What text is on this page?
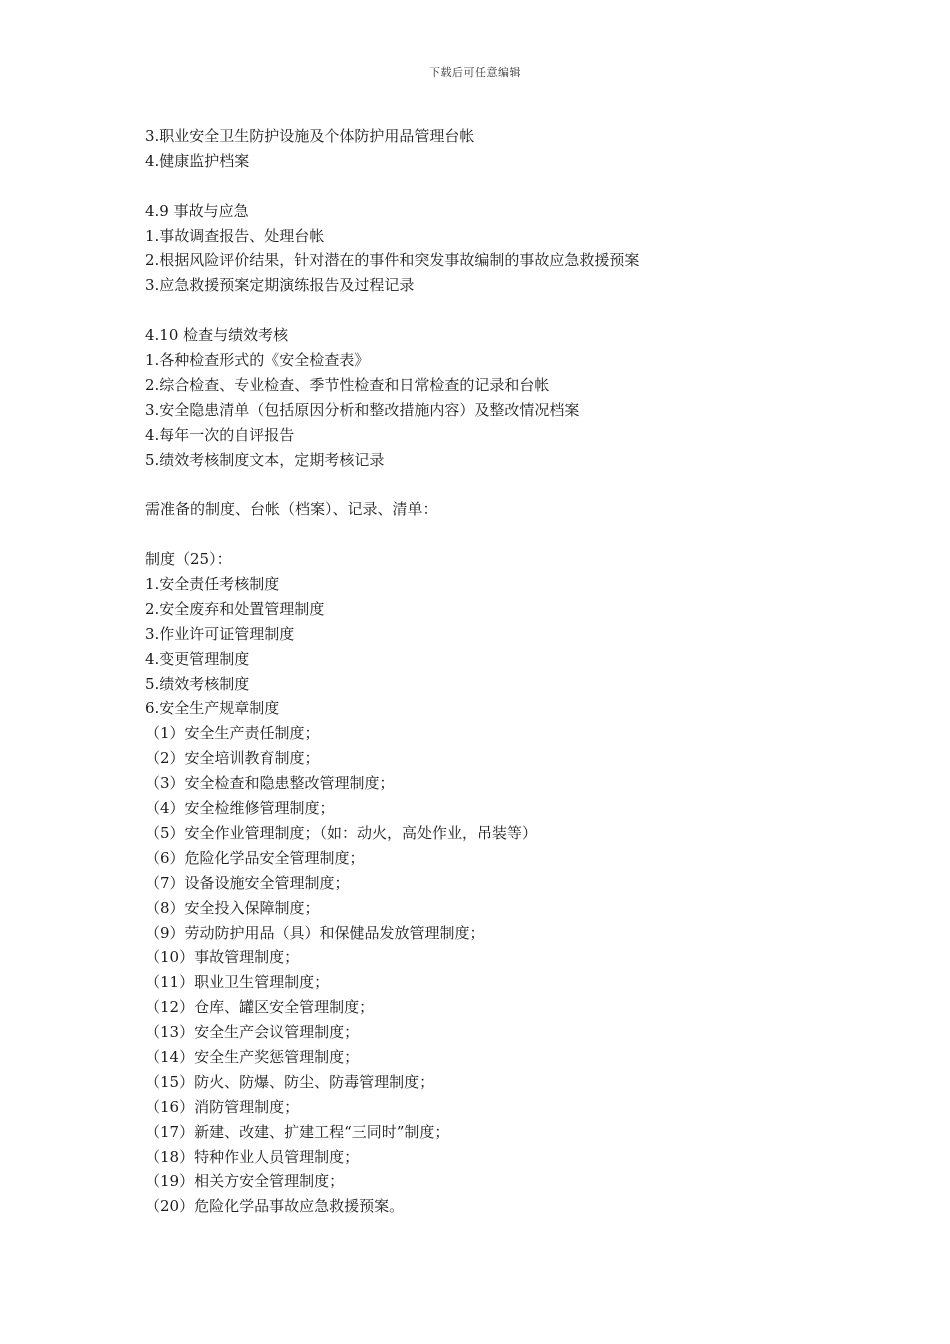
下载后可任意编辑
3.职业安全卫生防护设施及个体防护用品管理台帐
4.健康监护档案
4.9 事故与应急
1.事故调查报告、处理台帐
2.根据风险评价结果，针对潜在的事件和突发事故编制的事故应急救援预案
3.应急救援预案定期演练报告及过程记录
4.10 检查与绩效考核
1.各种检查形式的《安全检查表》
2.综合检查、专业检查、季节性检查和日常检查的记录和台帐
3.安全隐患清单（包括原因分析和整改措施内容）及整改情况档案
4.每年一次的自评报告
5.绩效考核制度文本，定期考核记录
需准备的制度、台帐（档案）、记录、清单：
制度（25）：
1.安全责任考核制度
2.安全废弃和处置管理制度
3.作业许可证管理制度
4.变更管理制度
5.绩效考核制度
6.安全生产规章制度
（1）安全生产责任制度；
（2）安全培训教育制度；
（3）安全检查和隐患整改管理制度；
（4）安全检维修管理制度；
（5）安全作业管理制度；（如：动火，高处作业，吊装等）
（6）危险化学品安全管理制度；
（7）设备设施安全管理制度；
（8）安全投入保障制度；
（9）劳动防护用品（具）和保健品发放管理制度；
（10）事故管理制度；
（11）职业卫生管理制度；
（12）仓库、罐区安全管理制度；
（13）安全生产会议管理制度；
（14）安全生产奖惩管理制度；
（15）防火、防爆、防尘、防毒管理制度；
（16）消防管理制度；
（17）新建、改建、扩建工程“三同时”制度；
（18）特种作业人员管理制度；
（19）相关方安全管理制度；
（20）危险化学品事故应急救援预案。
